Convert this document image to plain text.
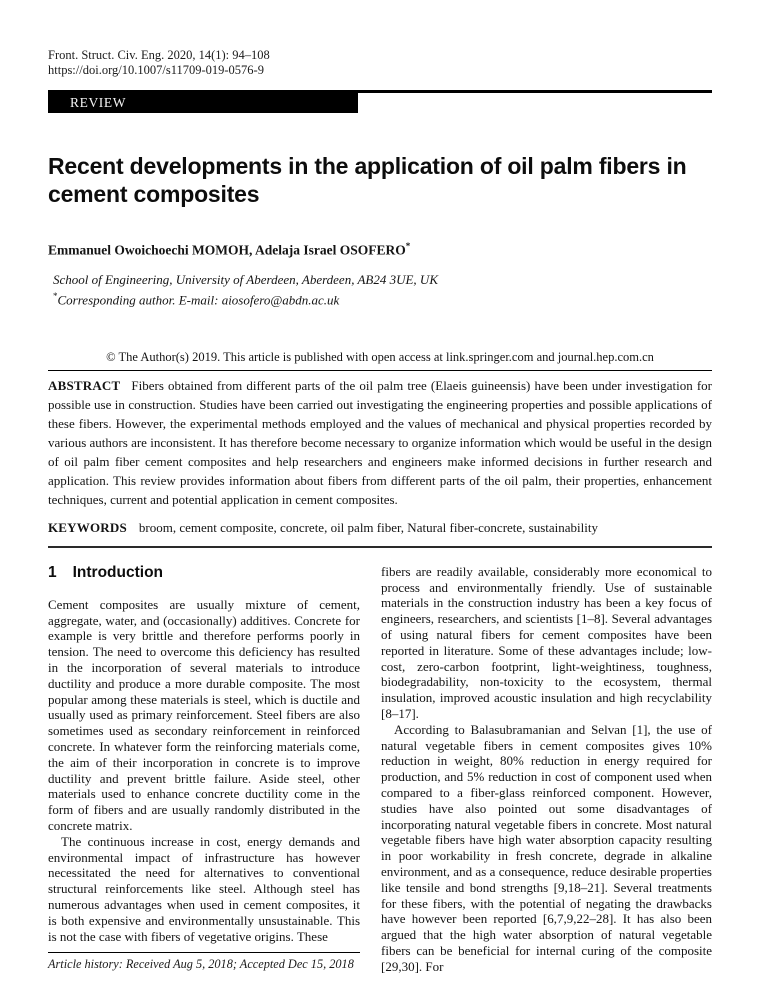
Front. Struct. Civ. Eng. 2020, 14(1): 94–108
https://doi.org/10.1007/s11709-019-0576-9
REVIEW
Recent developments in the application of oil palm fibers in cement composites
Emmanuel Owoichoechi MOMOH, Adelaja Israel OSOFERO*
School of Engineering, University of Aberdeen, Aberdeen, AB24 3UE, UK
*Corresponding author. E-mail: aiosofero@abdn.ac.uk
© The Author(s) 2019. This article is published with open access at link.springer.com and journal.hep.com.cn

ABSTRACT Fibers obtained from different parts of the oil palm tree (Elaeis guineensis) have been under investigation for possible use in construction. Studies have been carried out investigating the engineering properties and possible applications of these fibers. However, the experimental methods employed and the values of mechanical and physical properties recorded by various authors are inconsistent. It has therefore become necessary to organize information which would be useful in the design of oil palm fiber cement composites and help researchers and engineers make informed decisions in further research and application. This review provides information about fibers from different parts of the oil palm, their properties, enhancement techniques, current and potential application in cement composites.

KEYWORDS broom, cement composite, concrete, oil palm fiber, Natural fiber-concrete, sustainability

1 Introduction

Cement composites are usually mixture of cement, aggregate, water, and (occasionally) additives. Concrete for example is very brittle and therefore performs poorly in tension. The need to overcome this deficiency has resulted in the incorporation of several materials to introduce ductility and produce a more durable composite. The most popular among these materials is steel, which is ductile and usually used as primary reinforcement. Steel fibers are also sometimes used as secondary reinforcement in reinforced concrete. In whatever form the reinforcing materials come, the aim of their incorporation in concrete is to improve ductility and prevent brittle failure. Aside steel, other materials used to enhance concrete ductility come in the form of fibers and are usually randomly distributed in the concrete matrix.

The continuous increase in cost, energy demands and environmental impact of infrastructure has however necessitated the need for alternatives to conventional structural reinforcements like steel. Although steel has numerous advantages when used in cement composites, it is both expensive and environmentally unsustainable. This is not the case with fibers of vegetative origins. These

Article history: Received Aug 5, 2018; Accepted Dec 15, 2018

fibers are readily available, considerably more economical to process and environmentally friendly. Use of sustainable materials in the construction industry has been a key focus of engineers, researchers, and scientists [1–8]. Several advantages of using natural fibers for cement composites have been reported in literature. Some of these advantages include; low-cost, zero-carbon footprint, light-weightiness, toughness, biodegradability, non-toxicity to the ecosystem, thermal insulation, improved acoustic insulation and high recyclability [8–17].

According to Balasubramanian and Selvan [1], the use of natural vegetable fibers in cement composites gives 10% reduction in weight, 80% reduction in energy required for production, and 5% reduction in cost of component used when compared to a fiber-glass reinforced component. However, studies have also pointed out some disadvantages of incorporating natural vegetable fibers in concrete. Most natural vegetable fibers have high water absorption capacity resulting in poor workability in fresh concrete, degrade in alkaline environment, and as a consequence, reduce desirable properties like tensile and bond strengths [9,18–21]. Several treatments for these fibers, with the potential of negating the drawbacks have however been reported [6,7,9,22–28]. It has also been argued that the high water absorption of natural vegetable fibers can be beneficial for internal curing of the composite [29,30]. For
